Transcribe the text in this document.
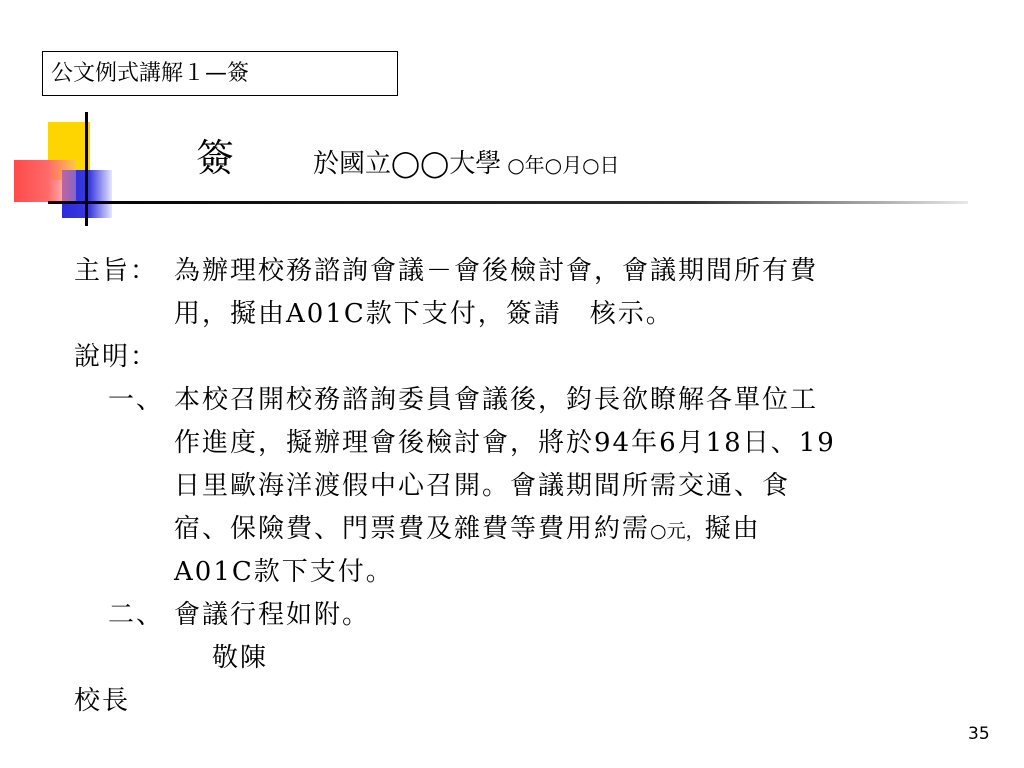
公文例式講解１—簽
簽	於國立◯◯大學 ○年○月○日
主旨： 為辦理校務諮詢會議－會後檢討會，會議期間所有費
用，擬由A01C款下支付，簽請　核示。
說明：
一、 本校召開校務諮詢委員會議後，鈞長欲瞭解各單位工
作進度，擬辦理會後檢討會，將於94年6月18日、19
日里歐海洋渡假中心召開。會議期間所需交通、食
宿、保險費、門票費及雜費等費用約需○元，擬由
A01C款下支付。
二、 會議行程如附。
敬陳
校長
35
